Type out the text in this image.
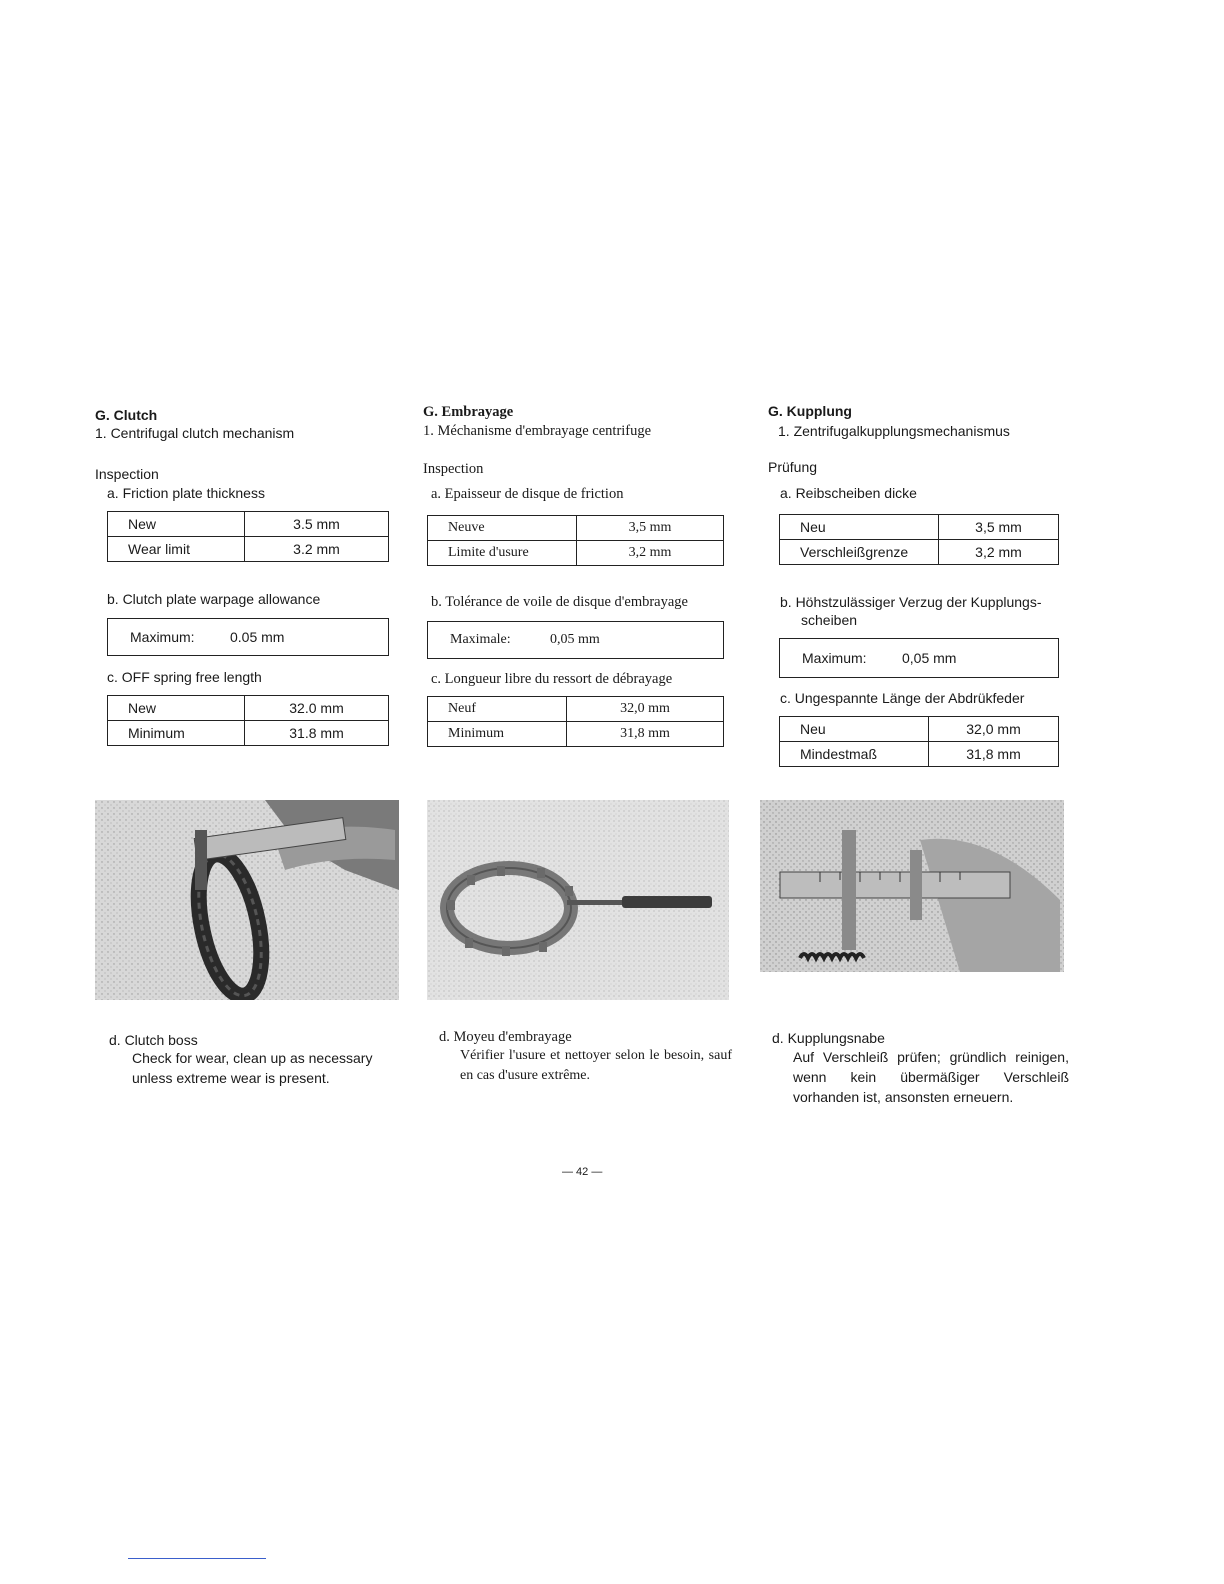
G. Clutch
1. Centrifugal clutch mechanism
Inspection
a. Friction plate thickness
New	3.5 mm
Wear limit	3.2 mm
b. Clutch plate warpage allowance
Maximum:	0.05 mm
c. OFF spring free length
New	32.0 mm
Minimum	31.8 mm
d. Clutch boss
Check for wear, clean up as necessary unless extreme wear is present.
G. Embrayage
1. Méchanisme d'embrayage centrifuge
Inspection
a. Epaisseur de disque de friction
Neuve	3,5 mm
Limite d'usure	3,2 mm
b. Tolérance de voile de disque d'embrayage
Maximale:	0,05 mm
c. Longueur libre du ressort de débrayage
Neuf	32,0 mm
Minimum	31,8 mm
d. Moyeu d'embrayage
Vérifier l'usure et nettoyer selon le besoin, sauf en cas d'usure extrême.
G. Kupplung
1. Zentrifugalkupplungsmechanismus
Prüfung
a. Reibscheiben dicke
Neu	3,5 mm
Verschleißgrenze	3,2 mm
b. Höhstzulässiger Verzug der Kupplungs-
scheiben
Maximum:	0,05 mm
c. Ungespannte Länge der Abdrükfeder
Neu	32,0 mm
Mindestmaß	31,8 mm
d. Kupplungsnabe
Auf Verschleiß prüfen; gründlich reinigen, wenn kein übermäßiger Verschleiß vorhanden ist, ansonsten erneuern.
— 42 —
